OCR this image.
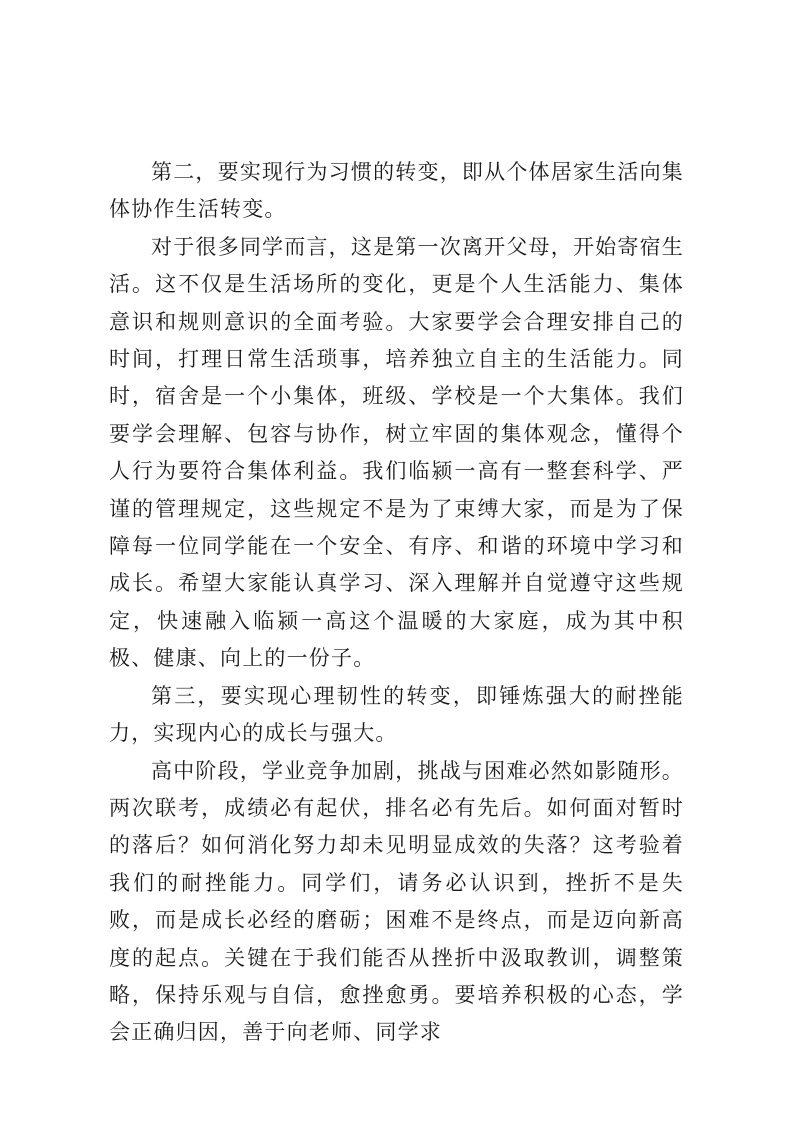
第二，要实现行为习惯的转变，即从个体居家生活向集体协作生活转变。

对于很多同学而言，这是第一次离开父母，开始寄宿生活。这不仅是生活场所的变化，更是个人生活能力、集体意识和规则意识的全面考验。大家要学会合理安排自己的时间，打理日常生活琐事，培养独立自主的生活能力。同时，宿舍是一个小集体，班级、学校是一个大集体。我们要学会理解、包容与协作，树立牢固的集体观念，懂得个人行为要符合集体利益。我们临颍一高有一整套科学、严谨的管理规定，这些规定不是为了束缚大家，而是为了保障每一位同学能在一个安全、有序、和谐的环境中学习和成长。希望大家能认真学习、深入理解并自觉遵守这些规定，快速融入临颍一高这个温暖的大家庭，成为其中积极、健康、向上的一份子。

第三，要实现心理韧性的转变，即锤炼强大的耐挫能力，实现内心的成长与强大。

高中阶段，学业竞争加剧，挑战与困难必然如影随形。两次联考，成绩必有起伏，排名必有先后。如何面对暂时的落后？如何消化努力却未见明显成效的失落？这考验着我们的耐挫能力。同学们，请务必认识到，挫折不是失败，而是成长必经的磨砺；困难不是终点，而是迈向新高度的起点。关键在于我们能否从挫折中汲取教训，调整策略，保持乐观与自信，愈挫愈勇。要培养积极的心态，学会正确归因，善于向老师、同学求
